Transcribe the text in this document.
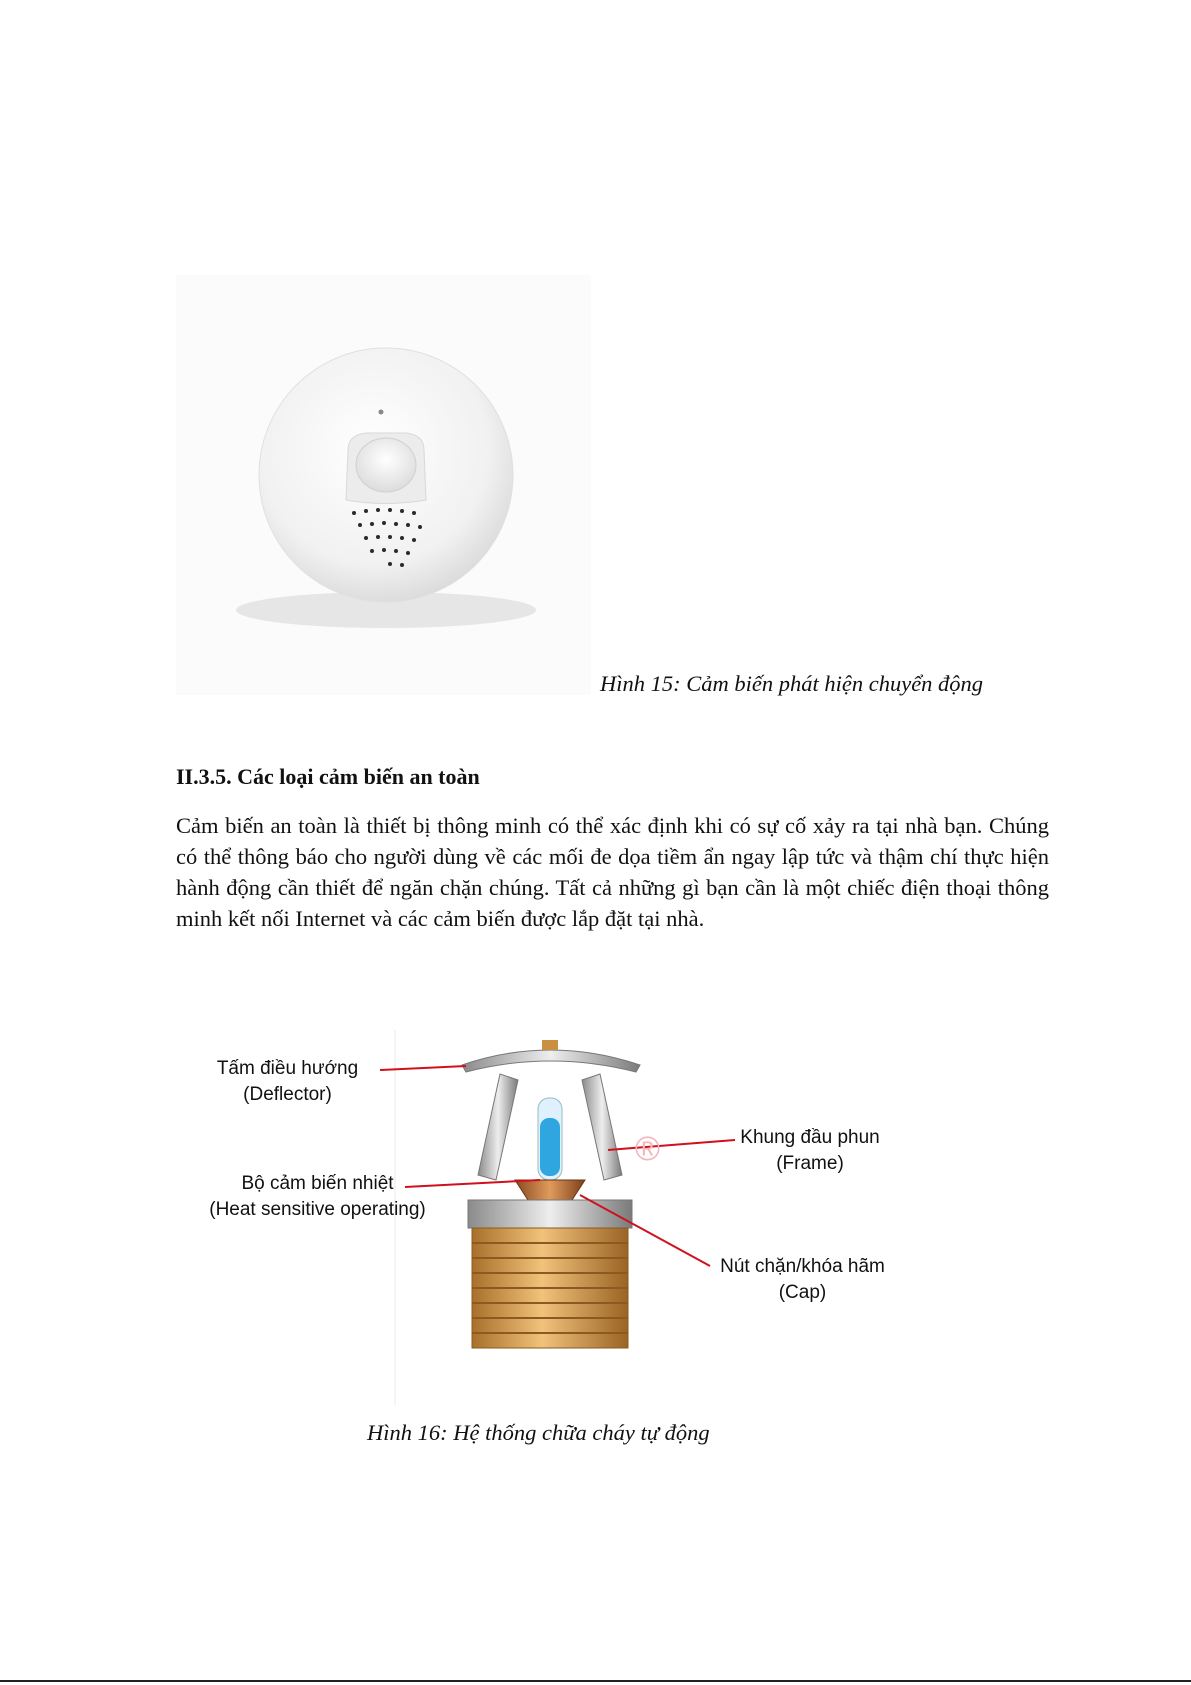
Hình 15: Cảm biến phát hiện chuyển động
II.3.5. Các loại cảm biến an toàn
Cảm biến an toàn là thiết bị thông minh có thể xác định khi có sự cố xảy ra tại nhà bạn. Chúng có thể thông báo cho người dùng về các mối đe dọa tiềm ẩn ngay lập tức và thậm chí thực hiện hành động cần thiết để ngăn chặn chúng. Tất cả những gì bạn cần là một chiếc điện thoại thông minh kết nối Internet và các cảm biến được lắp đặt tại nhà.
®
Tấm điều hướng
(Deflector)
Bộ cảm biến nhiệt
(Heat sensitive operating)
Khung đầu phun
(Frame)
Nút chặn/khóa hãm
(Cap)
Hình 16: Hệ thống chữa cháy tự động
